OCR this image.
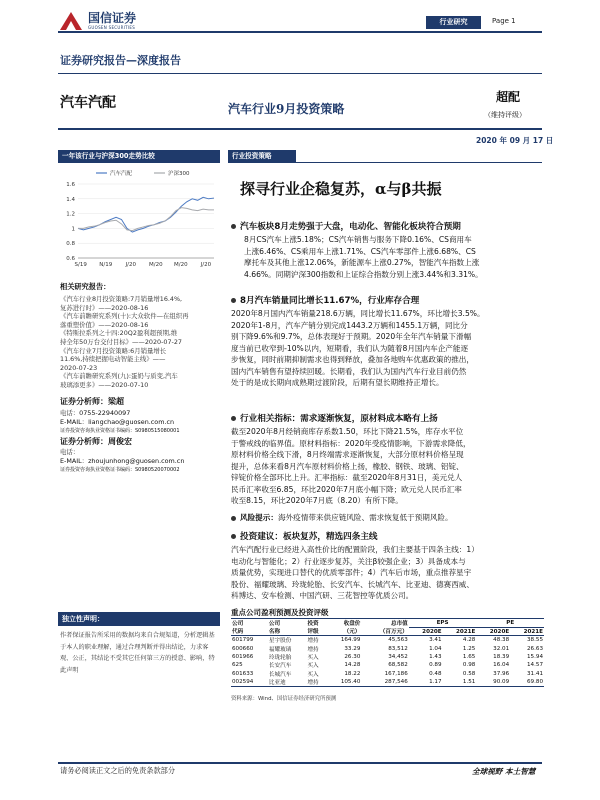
国信证券
GUOSEN SECURITIES
行业研究	Page 1
证券研究报告—深度报告
汽车汽配	汽车行业9月投资策略
超配
（维持评级）
2020 年 09 月 17 日
一年该行业与沪深300走势比较
1.6
1.4
1.2
1
0.8
0.6
S/19 N/19 J/20 M/20 M/20 J/20
汽车汽配	沪深300
相关研究报告：
《汽车行业8月投资策略:7月销量增16.4%,
复苏进行时》——2020-08-16
《汽车前瞻研究系列(十):大众软件—在组织再
落重塑价值》——2020-08-16
《特斯拉系列之十四:20Q2盈利超预期,维
持全年50万台交付目标》——2020-07-27
《汽车行业7月投资策略:6月销量增长
11.6%,持续把握电动智能主线》——
2020-07-23
《汽车前瞻研究系列(九):蛋奶与质变,汽车
玻璃添更多》——2020-07-10
证券分析师：梁超
电话：0755-22940097
E-MAIL：liangchao@guosen.com.cn
证券投资咨询执业资格证书编码：S0980515080001
证券分析师：周俊宏
电话：
E-MAIL：zhoujunhong@guosen.com.cn
证券投资咨询执业资格证书编码：S0980520070002
独立性声明：
作者保证报告所采用的数据均来自合规渠道，分析逻辑基于本人的职业理解，通过合理判断并得出结论，力求客观、公正，其结论不受其它任何第三方的授意、影响，特此声明
行业投资策略
探寻行业企稳复苏，α与β共振
汽车板块8月走势强于大盘，电动化、智能化板块符合预期
8月CS汽车上涨5.18%；CS汽车销售与服务下降0.16%、CS商用车
上涨6.46%、CS乘用车上涨1.71%、CS汽车零部件上涨6.68%、CS
摩托车及其他上涨12.06%，新能源车上涨0.27%，智能汽车指数上涨
4.66%。同期沪深300指数和上证综合指数分别上涨3.44%和3.31%。
8月汽车销量同比增长11.67%，行业库存合理
2020年8月国内汽车销量218.6万辆，同比增长11.67%，环比增长3.5%。
2020年1-8月，汽车产销分别完成1443.2万辆和1455.1万辆，同比分
别下降9.6%和9.7%，总体表现好于预期。2020年全年汽车销量下滑幅
度当前已收窄到-10%以内，短期看，我们认为随着8月国内车企产能逐
步恢复，同时前期抑制需求也得到释放，叠加各地购车优惠政策的推出，
国内汽车销售有望持续回暖。长期看，我们认为国内汽车行业目前仍然
处于的是成长期向成熟期过渡阶段，后期有望长期维持正增长。
行业相关指标：需求逐渐恢复，原材料成本略有上扬
截至2020年8月经销商库存系数1.50，环比下降21.5%，库存水平位
于警戒线的临界值。原材料指标：2020年受疫情影响，下游需求降低，
原材料价格全线下滑，8月终端需求逐渐恢复，大部分原材料价格呈现
提升，总体来看8月汽车原材料价格上扬，橡胶、钢铁、玻璃、铝锭、
锌锭价格全部环比上升。汇率指标：截至2020年8月31日，美元兑人
民币汇率收至6.85，环比2020年7月底小幅下降；欧元兑人民币汇率
收至8.15，环比2020年7月底（8.20）有所下降。
风险提示：海外疫情带来供应链风险、需求恢复低于预期风险。
投资建议：板块复苏，精选四条主线
汽车汽配行业已经进入高性价比的配置阶段，我们主要基于四条主线：1）
电动化与智能化；2）行业逐步复苏，关注β较强企业；3）具备成本与
质量优势，实现进口替代的优质零部件；4）汽车后市场，重点推荐星宇
股份、福耀玻璃、玲珑轮胎、长安汽车、长城汽车、比亚迪、德赛西威、
科博达、安车检测、中国汽研、三花智控等优质公司。
重点公司盈利预测及投资评级
公司	公司	投资	收盘价	总市值	EPS		PE	
代码	名称	评级	（元）	（百万元）	2020E	2021E	2020E	2021E
601799	星宇股份	增持	164.99	45,563	3.41	4.28	48.38	38.55
600660	福耀玻璃	增持	33.29	83,512	1.04	1.25	32.01	26.63
601966	玲珑轮胎	买入	26.30	34,452	1.43	1.65	18.39	15.94
625	长安汽车	买入	14.28	68,582	0.89	0.98	16.04	14.57
601633	长城汽车	买入	18.22	167,186	0.48	0.58	37.96	31.41
002594	比亚迪	增持	105.40	287,546	1.17	1.51	90.09	69.80
资料来源：Wind、国信证券经济研究所预测
请务必阅读正文之后的免责条款部分	全球视野 本土智慧
